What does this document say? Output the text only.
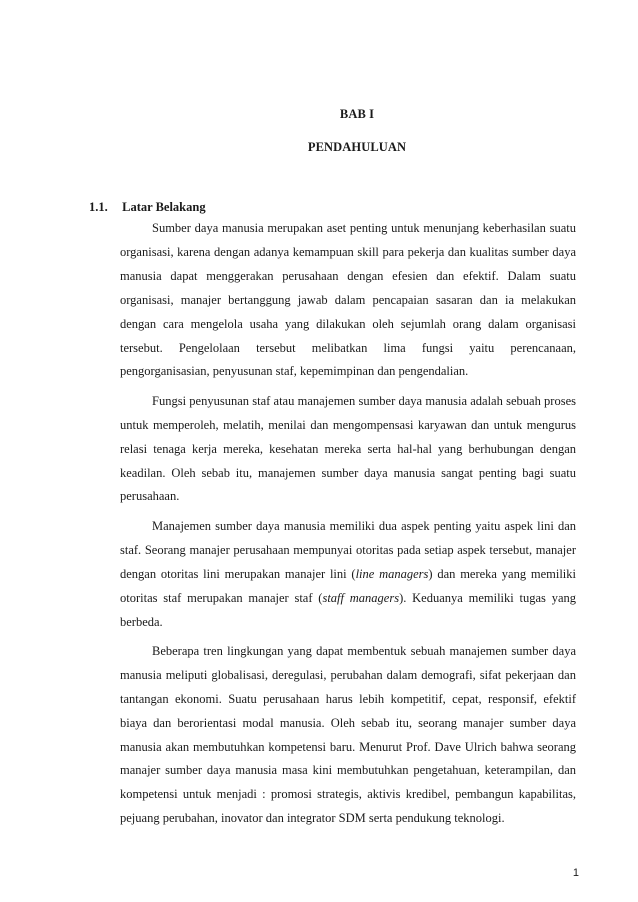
BAB I
PENDAHULUAN
1.1. Latar Belakang

Sumber daya manusia merupakan aset penting untuk menunjang keberhasilan suatu organisasi, karena dengan adanya kemampuan skill para pekerja dan kualitas sumber daya manusia dapat menggerakan perusahaan dengan efesien dan efektif. Dalam suatu organisasi, manajer bertanggung jawab dalam pencapaian sasaran dan ia melakukan dengan cara mengelola usaha yang dilakukan oleh sejumlah orang dalam organisasi tersebut. Pengelolaan tersebut melibatkan lima fungsi yaitu perencanaan, pengorganisasian, penyusunan staf, kepemimpinan dan pengendalian.

Fungsi penyusunan staf atau manajemen sumber daya manusia adalah sebuah proses untuk memperoleh, melatih, menilai dan mengompensasi karyawan dan untuk mengurus relasi tenaga kerja mereka, kesehatan mereka serta hal-hal yang berhubungan dengan keadilan. Oleh sebab itu, manajemen sumber daya manusia sangat penting bagi suatu perusahaan.

Manajemen sumber daya manusia memiliki dua aspek penting yaitu aspek lini dan staf. Seorang manajer perusahaan mempunyai otoritas pada setiap aspek tersebut, manajer dengan otoritas lini merupakan manajer lini (line managers) dan mereka yang memiliki otoritas staf merupakan manajer staf (staff managers). Keduanya memiliki tugas yang berbeda.

Beberapa tren lingkungan yang dapat membentuk sebuah manajemen sumber daya manusia meliputi globalisasi, deregulasi, perubahan dalam demografi, sifat pekerjaan dan tantangan ekonomi. Suatu perusahaan harus lebih kompetitif, cepat, responsif, efektif biaya dan berorientasi modal manusia. Oleh sebab itu, seorang manajer sumber daya manusia akan membutuhkan kompetensi baru. Menurut Prof. Dave Ulrich bahwa seorang manajer sumber daya manusia masa kini membutuhkan pengetahuan, keterampilan, dan kompetensi untuk menjadi : promosi strategis, aktivis kredibel, pembangun kapabilitas, pejuang perubahan, inovator dan integrator SDM serta pendukung teknologi.

1
